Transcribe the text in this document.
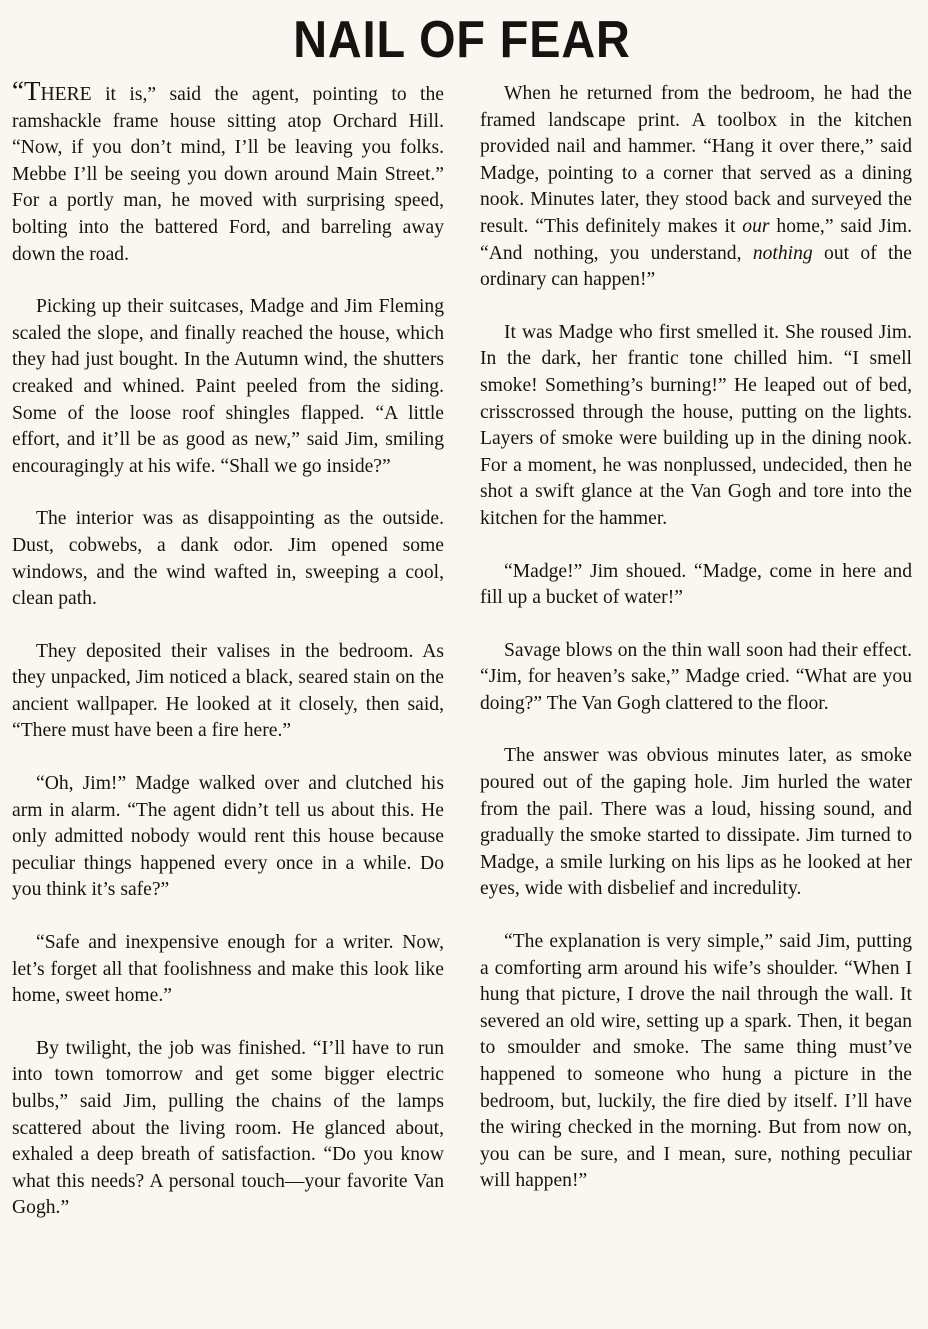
NAIL OF FEAR

“THERE it is,” said the agent, pointing to the ramshackle frame house sitting atop Orchard Hill. “Now, if you don’t mind, I’ll be leaving you folks. Mebbe I’ll be seeing you down around Main Street.” For a portly man, he moved with surprising speed, bolting into the battered Ford, and barreling away down the road.

Picking up their suitcases, Madge and Jim Fleming scaled the slope, and finally reached the house, which they had just bought. In the Autumn wind, the shutters creaked and whined. Paint peeled from the siding. Some of the loose roof shingles flapped. “A little effort, and it’ll be as good as new,” said Jim, smiling encouragingly at his wife. “Shall we go inside?”

The interior was as disappointing as the outside. Dust, cobwebs, a dank odor. Jim opened some windows, and the wind wafted in, sweeping a cool, clean path.

They deposited their valises in the bedroom. As they unpacked, Jim noticed a black, seared stain on the ancient wallpaper. He looked at it closely, then said, “There must have been a fire here.”

“Oh, Jim!” Madge walked over and clutched his arm in alarm. “The agent didn’t tell us about this. He only admitted nobody would rent this house because peculiar things happened every once in a while. Do you think it’s safe?”

“Safe and inexpensive enough for a writer. Now, let’s forget all that foolishness and make this look like home, sweet home.”

By twilight, the job was finished. “I’ll have to run into town tomorrow and get some bigger electric bulbs,” said Jim, pulling the chains of the lamps scattered about the living room. He glanced about, exhaled a deep breath of satisfaction. “Do you know what this needs? A personal touch—your favorite Van Gogh.”

When he returned from the bedroom, he had the framed landscape print. A toolbox in the kitchen provided nail and hammer. “Hang it over there,” said Madge, pointing to a corner that served as a dining nook. Minutes later, they stood back and surveyed the result. “This definitely makes it our home,” said Jim. “And nothing, you understand, nothing out of the ordinary can happen!”

It was Madge who first smelled it. She roused Jim. In the dark, her frantic tone chilled him. “I smell smoke! Something’s burning!” He leaped out of bed, crisscrossed through the house, putting on the lights. Layers of smoke were building up in the dining nook. For a moment, he was nonplussed, undecided, then he shot a swift glance at the Van Gogh and tore into the kitchen for the hammer.

“Madge!” Jim shoued. “Madge, come in here and fill up a bucket of water!”

Savage blows on the thin wall soon had their effect. “Jim, for heaven’s sake,” Madge cried. “What are you doing?” The Van Gogh clattered to the floor.

The answer was obvious minutes later, as smoke poured out of the gaping hole. Jim hurled the water from the pail. There was a loud, hissing sound, and gradually the smoke started to dissipate. Jim turned to Madge, a smile lurking on his lips as he looked at her eyes, wide with disbelief and incredulity.

“The explanation is very simple,” said Jim, putting a comforting arm around his wife’s shoulder. “When I hung that picture, I drove the nail through the wall. It severed an old wire, setting up a spark. Then, it began to smoulder and smoke. The same thing must’ve happened to someone who hung a picture in the bedroom, but, luckily, the fire died by itself. I’ll have the wiring checked in the morning. But from now on, you can be sure, and I mean, sure, nothing peculiar will happen!”
